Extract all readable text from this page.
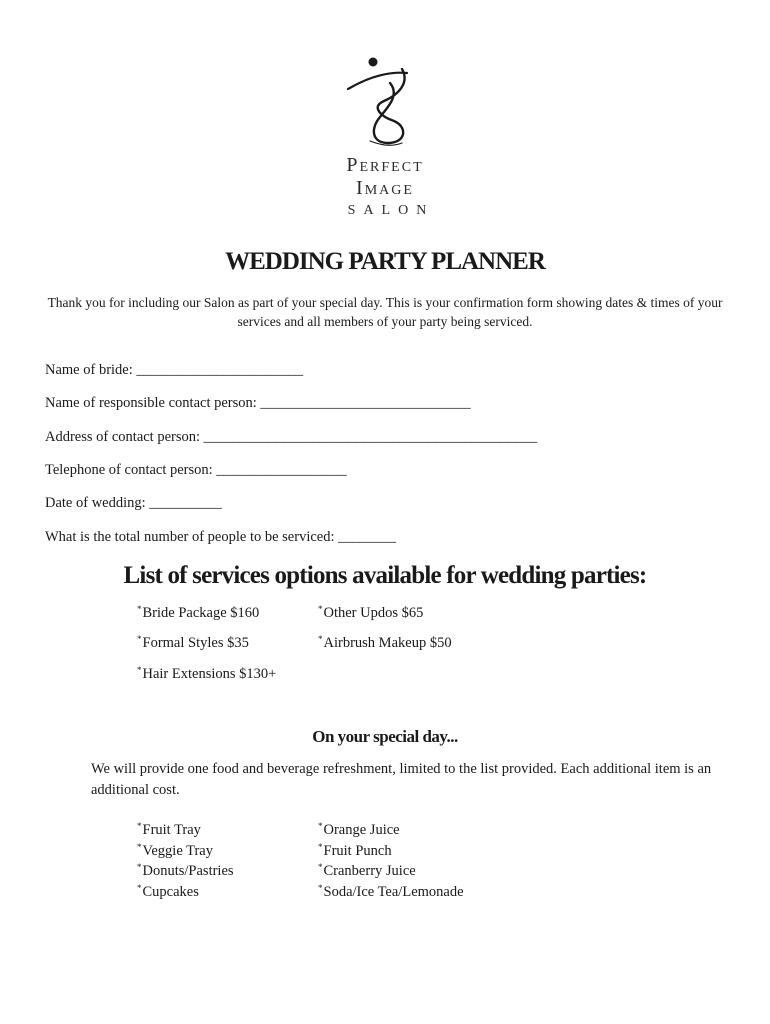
Perfect
Image
SALON
WEDDING PARTY PLANNER
Thank you for including our Salon as part of your special day. This is your confirmation form showing dates & times of your services and all members of your party being serviced.
Name of bride: _______________________
Name of responsible contact person: _____________________________
Address of contact person: ______________________________________________
Telephone of contact person: __________________
Date of wedding: __________
What is the total number of people to be serviced: ________
List of services options available for wedding parties:
*Bride Package $160	*Other Updos $65
*Formal Styles $35	*Airbrush Makeup $50
*Hair Extensions $130+
On your special day...
We will provide one food and beverage refreshment, limited to the list provided. Each additional item is an additional cost.
*Fruit Tray
*Veggie Tray
*Donuts/Pastries
*Cupcakes
*Orange Juice
*Fruit Punch
*Cranberry Juice
*Soda/Ice Tea/Lemonade
